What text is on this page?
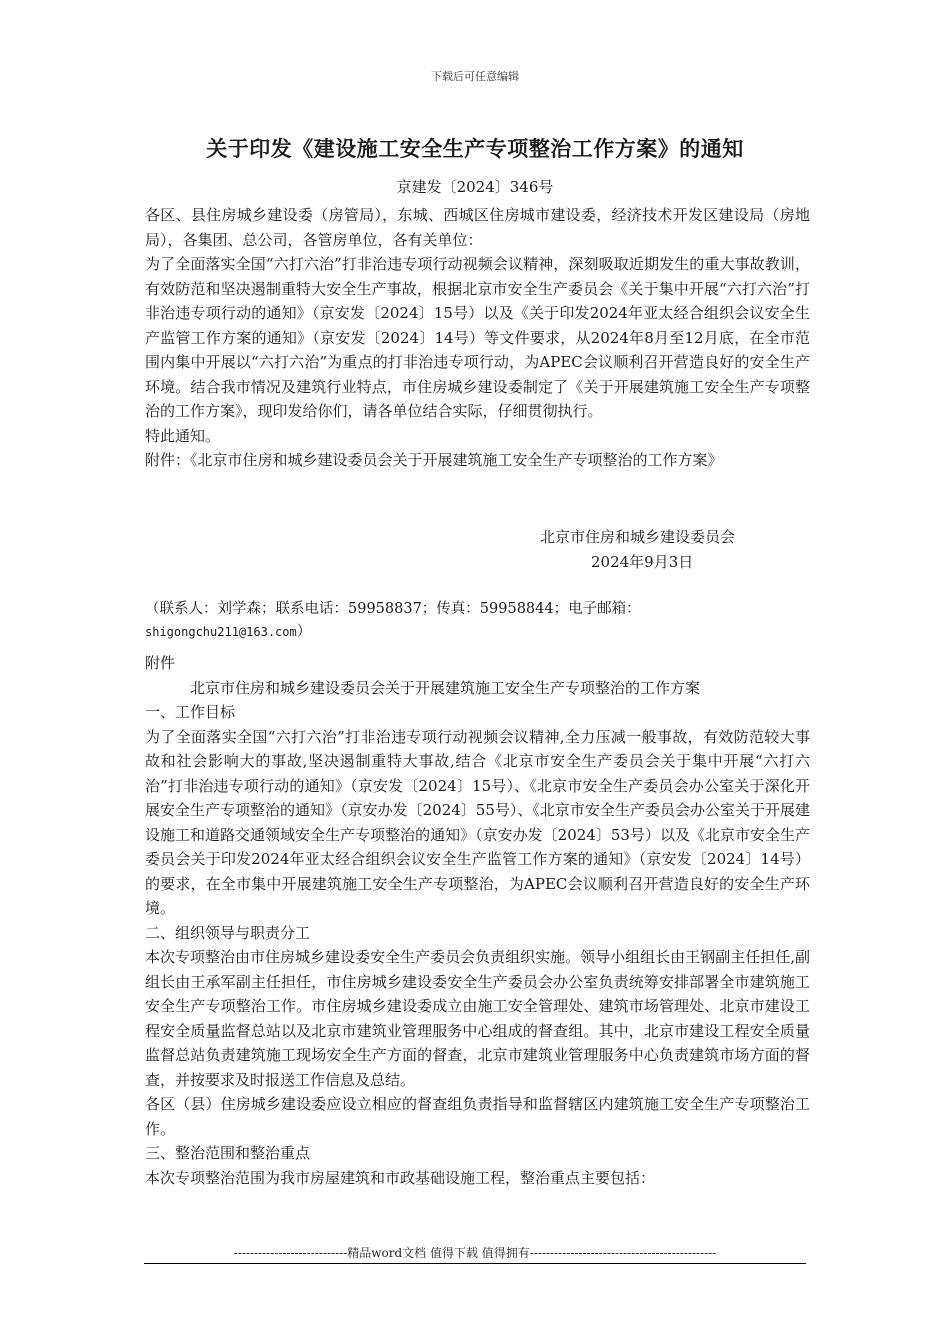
下载后可任意编辑
关于印发《建设施工安全生产专项整治工作方案》的通知
京建发〔2024〕346号

各区、县住房城乡建设委（房管局），东城、西城区住房城市建设委，经济技术开发区建设局（房地局），各集团、总公司，各管房单位，各有关单位：

为了全面落实全国“六打六治”打非治违专项行动视频会议精神，深刻吸取近期发生的重大事故教训，有效防范和坚决遏制重特大安全生产事故，根据北京市安全生产委员会《关于集中开展“六打六治”打非治违专项行动的通知》（京安发〔2024〕15号）以及《关于印发2024年亚太经合组织会议安全生产监管工作方案的通知》（京安发〔2024〕14号）等文件要求，从2024年8月至12月底，在全市范围内集中开展以“六打六治”为重点的打非治违专项行动，为APEC会议顺利召开营造良好的安全生产环境。结合我市情况及建筑行业特点，市住房城乡建设委制定了《关于开展建筑施工安全生产专项整治的工作方案》，现印发给你们，请各单位结合实际，仔细贯彻执行。

特此通知。

附件：《北京市住房和城乡建设委员会关于开展建筑施工安全生产专项整治的工作方案》

北京市住房和城乡建设委员会
2024年9月3日
（联系人：刘学森；联系电话：59958837；传真：59958844；电子邮箱：
shigongchu211@163.com）

附件

北京市住房和城乡建设委员会关于开展建筑施工安全生产专项整治的工作方案

一、工作目标

为了全面落实全国“六打六治”打非治违专项行动视频会议精神,全力压减一般事故，有效防范较大事故和社会影响大的事故,坚决遏制重特大事故,结合《北京市安全生产委员会关于集中开展“六打六治”打非治违专项行动的通知》（京安发〔2024〕15号）、《北京市安全生产委员会办公室关于深化开展安全生产专项整治的通知》（京安办发〔2024〕55号）、《北京市安全生产委员会办公室关于开展建设施工和道路交通领域安全生产专项整治的通知》（京安办发〔2024〕53号）以及《北京市安全生产委员会关于印发2024年亚太经合组织会议安全生产监管工作方案的通知》（京安发〔2024〕14号）的要求，在全市集中开展建筑施工安全生产专项整治，为APEC会议顺利召开营造良好的安全生产环境。

二、组织领导与职责分工

本次专项整治由市住房城乡建设委安全生产委员会负责组织实施。领导小组组长由王钢副主任担任,副组长由王承军副主任担任，市住房城乡建设委安全生产委员会办公室负责统筹安排部署全市建筑施工安全生产专项整治工作。市住房城乡建设委成立由施工安全管理处、建筑市场管理处、北京市建设工程安全质量监督总站以及北京市建筑业管理服务中心组成的督查组。其中，北京市建设工程安全质量监督总站负责建筑施工现场安全生产方面的督查，北京市建筑业管理服务中心负责建筑市场方面的督查，并按要求及时报送工作信息及总结。

各区（县）住房城乡建设委应设立相应的督查组负责指导和监督辖区内建筑施工安全生产专项整治工作。

三、整治范围和整治重点

本次专项整治范围为我市房屋建筑和市政基础设施工程，整治重点主要包括：

----------------------------精品word文档 值得下载 值得拥有----------------------------------------------
